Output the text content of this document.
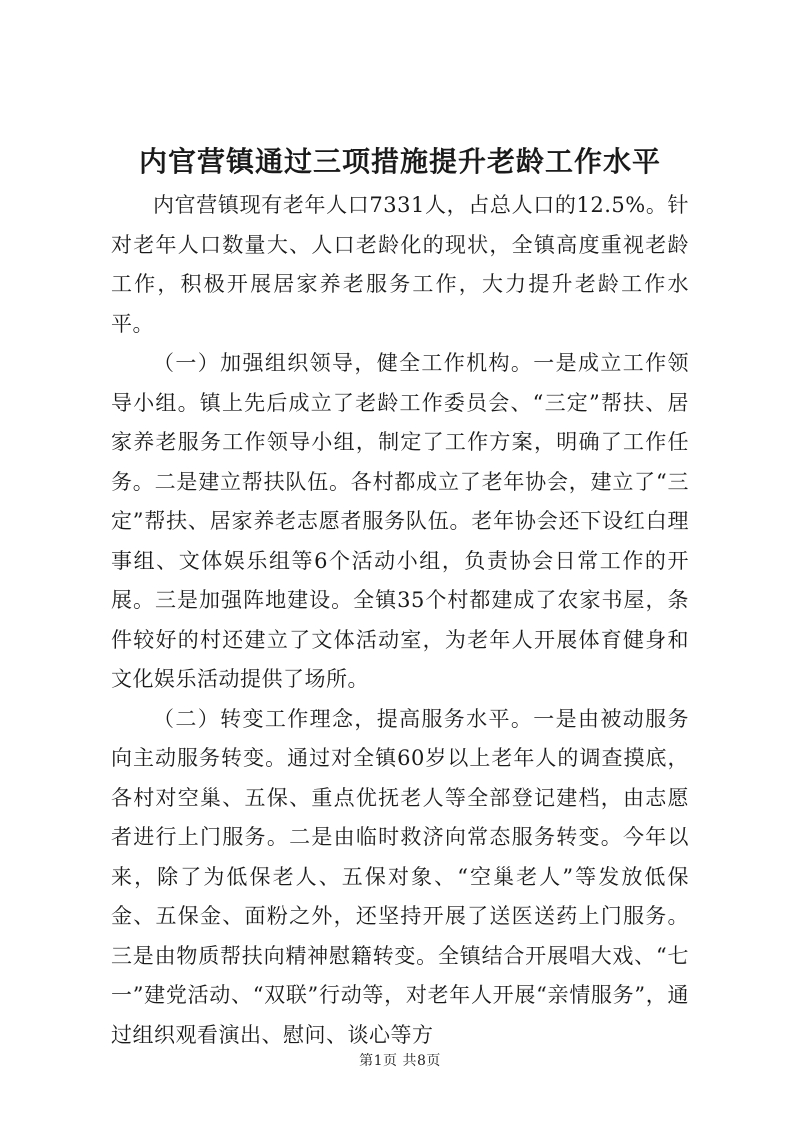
内官营镇通过三项措施提升老龄工作水平

内官营镇现有老年人口7331人，占总人口的12.5%。针对老年人口数量大、人口老龄化的现状，全镇高度重视老龄工作，积极开展居家养老服务工作，大力提升老龄工作水平。

（一）加强组织领导，健全工作机构。一是成立工作领导小组。镇上先后成立了老龄工作委员会、“三定”帮扶、居家养老服务工作领导小组，制定了工作方案，明确了工作任务。二是建立帮扶队伍。各村都成立了老年协会，建立了“三定”帮扶、居家养老志愿者服务队伍。老年协会还下设红白理事组、文体娱乐组等6个活动小组，负责协会日常工作的开展。三是加强阵地建设。全镇35个村都建成了农家书屋，条件较好的村还建立了文体活动室，为老年人开展体育健身和文化娱乐活动提供了场所。

（二）转变工作理念，提高服务水平。一是由被动服务向主动服务转变。通过对全镇60岁以上老年人的调查摸底，各村对空巢、五保、重点优抚老人等全部登记建档，由志愿者进行上门服务。二是由临时救济向常态服务转变。今年以来，除了为低保老人、五保对象、“空巢老人”等发放低保金、五保金、面粉之外，还坚持开展了送医送药上门服务。三是由物质帮扶向精神慰籍转变。全镇结合开展唱大戏、“七一”建党活动、“双联”行动等，对老年人开展“亲情服务”，通过组织观看演出、慰问、谈心等方

第1页 共8页
